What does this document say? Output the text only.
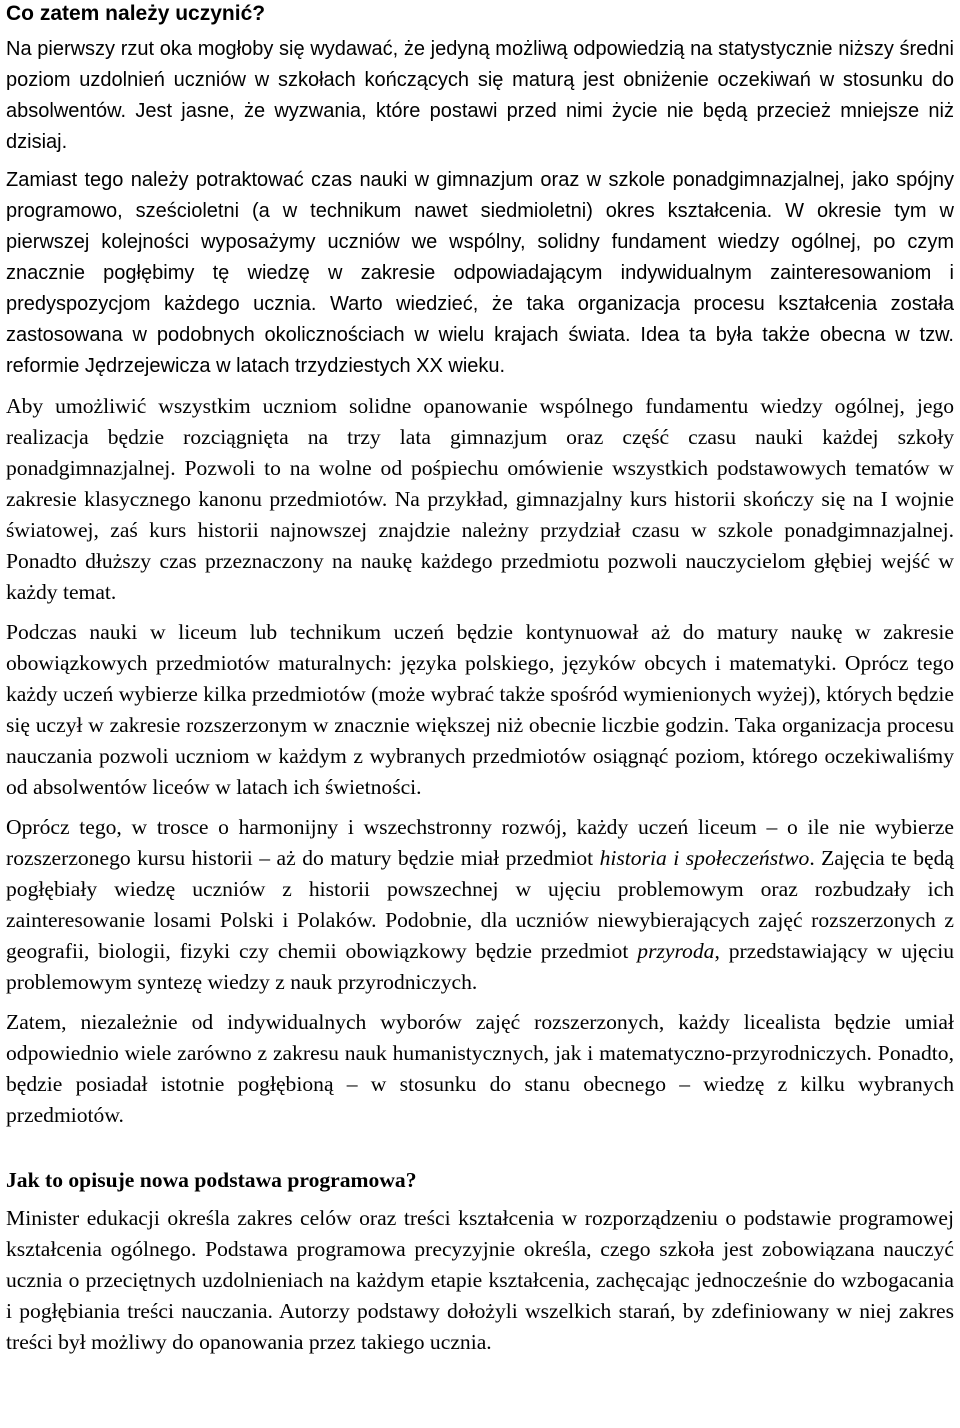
Co zatem należy uczynić?

Na pierwszy rzut oka mogłoby się wydawać, że jedyną możliwą odpowiedzią na statystycznie niższy średni poziom uzdolnień uczniów w szkołach kończących się maturą jest obniżenie oczekiwań w stosunku do absolwentów. Jest jasne, że wyzwania, które postawi przed nimi życie nie będą przecież mniejsze niż dzisiaj.

Zamiast tego należy potraktować czas nauki w gimnazjum oraz w szkole ponadgimnazjalnej, jako spójny programowo, sześcioletni (a w technikum nawet siedmioletni) okres kształcenia. W okresie tym w pierwszej kolejności wyposażymy uczniów we wspólny, solidny fundament wiedzy ogólnej, po czym znacznie pogłębimy tę wiedzę w zakresie odpowiadającym indywidualnym zainteresowaniom i predyspozycjom każdego ucznia. Warto wiedzieć, że taka organizacja procesu kształcenia została zastosowana w podobnych okolicznościach w wielu krajach świata. Idea ta była także obecna w tzw. reformie Jędrzejewicza w latach trzydziestych XX wieku.

Aby umożliwić wszystkim uczniom solidne opanowanie wspólnego fundamentu wiedzy ogólnej, jego realizacja będzie rozciągnięta na trzy lata gimnazjum oraz część czasu nauki każdej szkoły ponadgimnazjalnej. Pozwoli to na wolne od pośpiechu omówienie wszystkich podstawowych tematów w zakresie klasycznego kanonu przedmiotów. Na przykład, gimnazjalny kurs historii skończy się na I wojnie światowej, zaś kurs historii najnowszej znajdzie należny przydział czasu w szkole ponadgimnazjalnej. Ponadto dłuższy czas przeznaczony na naukę każdego przedmiotu pozwoli nauczycielom głębiej wejść w każdy temat.

Podczas nauki w liceum lub technikum uczeń będzie kontynuował aż do matury naukę w zakresie obowiązkowych przedmiotów maturalnych: języka polskiego, języków obcych i matematyki. Oprócz tego każdy uczeń wybierze kilka przedmiotów (może wybrać także spośród wymienionych wyżej), których będzie się uczył w zakresie rozszerzonym w znacznie większej niż obecnie liczbie godzin. Taka organizacja procesu nauczania pozwoli uczniom w każdym z wybranych przedmiotów osiągnąć poziom, którego oczekiwaliśmy od absolwentów liceów w latach ich świetności.

Oprócz tego, w trosce o harmonijny i wszechstronny rozwój, każdy uczeń liceum – o ile nie wybierze rozszerzonego kursu historii – aż do matury będzie miał przedmiot historia i społeczeństwo. Zajęcia te będą pogłębiały wiedzę uczniów z historii powszechnej w ujęciu problemowym oraz rozbudzały ich zainteresowanie losami Polski i Polaków. Podobnie, dla uczniów niewybierających zajęć rozszerzonych z geografii, biologii, fizyki czy chemii obowiązkowy będzie przedmiot przyroda, przedstawiający w ujęciu problemowym syntezę wiedzy z nauk przyrodniczych.

Zatem, niezależnie od indywidualnych wyborów zajęć rozszerzonych, każdy licealista będzie umiał odpowiednio wiele zarówno z zakresu nauk humanistycznych, jak i matematyczno-przyrodniczych. Ponadto, będzie posiadał istotnie pogłębioną – w stosunku do stanu obecnego – wiedzę z kilku wybranych przedmiotów.

Jak to opisuje nowa podstawa programowa?

Minister edukacji określa zakres celów oraz treści kształcenia w rozporządzeniu o podstawie programowej kształcenia ogólnego. Podstawa programowa precyzyjnie określa, czego szkoła jest zobowiązana nauczyć ucznia o przeciętnych uzdolnieniach na każdym etapie kształcenia, zachęcając jednocześnie do wzbogacania i pogłębiania treści nauczania. Autorzy podstawy dołożyli wszelkich starań, by zdefiniowany w niej zakres treści był możliwy do opanowania przez takiego ucznia.
